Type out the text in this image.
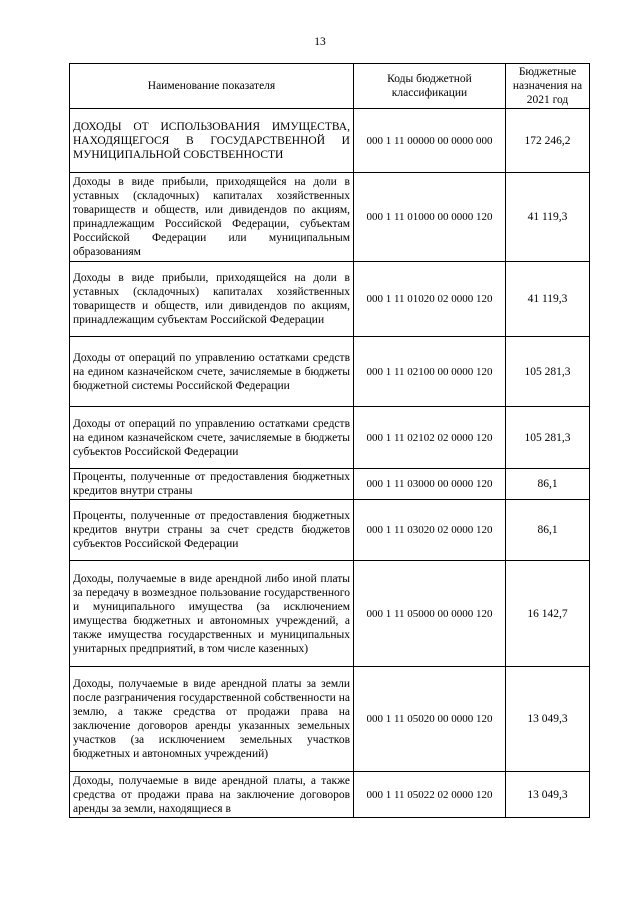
13
Наименование показателя	Коды бюджетной классификации	Бюджетные назначения на 2021 год
ДОХОДЫ ОТ ИСПОЛЬЗОВАНИЯ ИМУЩЕСТВА, НАХОДЯЩЕГОСЯ В ГОСУДАРСТВЕННОЙ И МУНИЦИПАЛЬНОЙ СОБСТВЕННОСТИ	000 1 11 00000 00 0000 000	172 246,2
Доходы в виде прибыли, приходящейся на доли в уставных (складочных) капиталах хозяйственных товариществ и обществ, или дивидендов по акциям, принадлежащим Российской Федерации, субъектам Российской Федерации или муниципальным образованиям	000 1 11 01000 00 0000 120	41 119,3
Доходы в виде прибыли, приходящейся на доли в уставных (складочных) капиталах хозяйственных товариществ и обществ, или дивидендов по акциям, принадлежащим субъектам Российской Федерации	000 1 11 01020 02 0000 120	41 119,3
Доходы от операций по управлению остатками средств на едином казначейском счете, зачисляемые в бюджеты бюджетной системы Российской Федерации	000 1 11 02100 00 0000 120	105 281,3
Доходы от операций по управлению остатками средств на едином казначейском счете, зачисляемые в бюджеты субъектов Российской Федерации	000 1 11 02102 02 0000 120	105 281,3
Проценты, полученные от предоставления бюджетных кредитов внутри страны	000 1 11 03000 00 0000 120	86,1
Проценты, полученные от предоставления бюджетных кредитов внутри страны за счет средств бюджетов субъектов Российской Федерации	000 1 11 03020 02 0000 120	86,1
Доходы, получаемые в виде арендной либо иной платы за передачу в возмездное пользование государственного и муниципального имущества (за исключением имущества бюджетных и автономных учреждений, а также имущества государственных и муниципальных унитарных предприятий, в том числе казенных)	000 1 11 05000 00 0000 120	16 142,7
Доходы, получаемые в виде арендной платы за земли после разграничения государственной собственности на землю, а также средства от продажи права на заключение договоров аренды указанных земельных участков (за исключением земельных участков бюджетных и автономных учреждений)	000 1 11 05020 00 0000 120	13 049,3
Доходы, получаемые в виде арендной платы, а также средства от продажи права на заключение договоров аренды за земли, находящиеся в	000 1 11 05022 02 0000 120	13 049,3
